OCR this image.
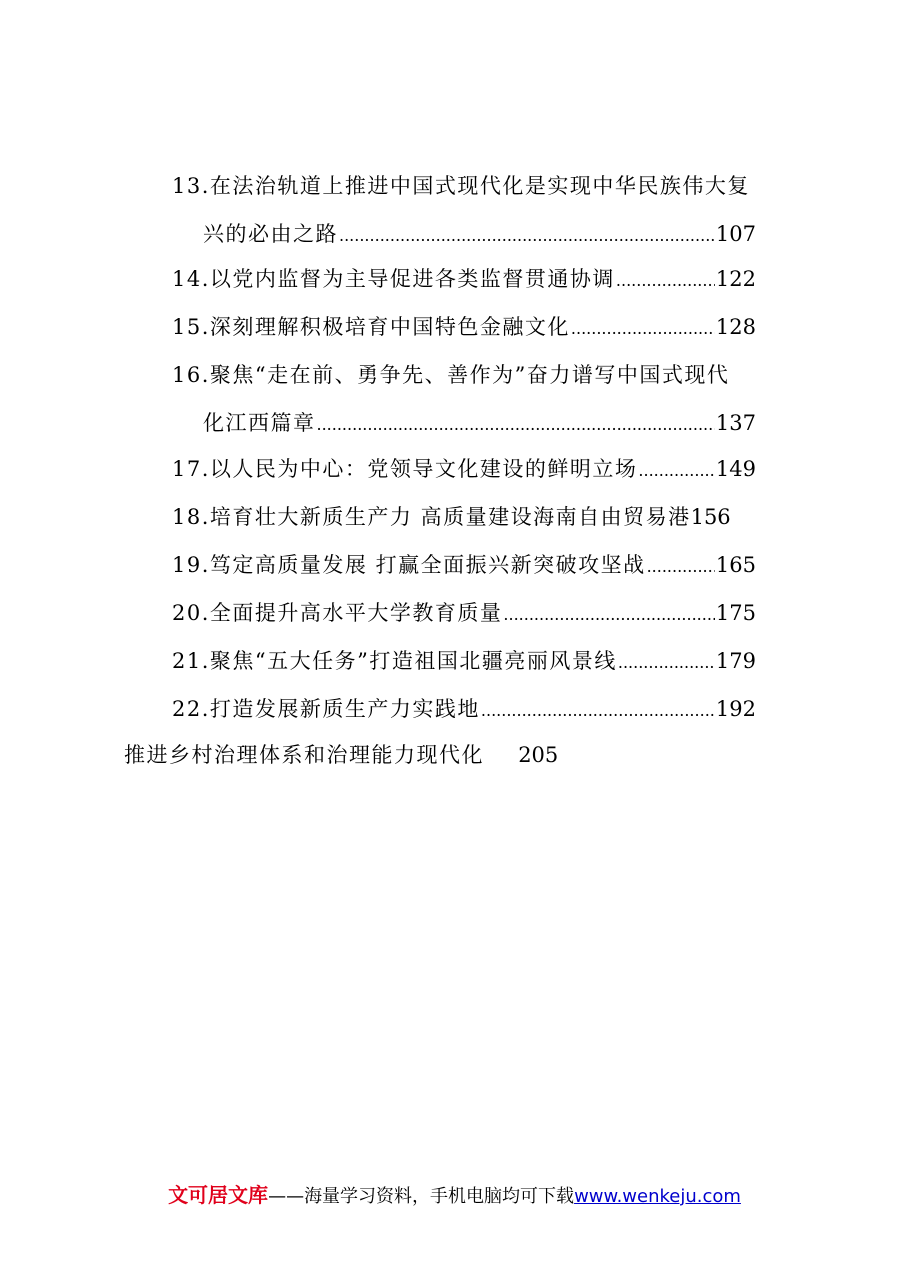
13.在法治轨道上推进中国式现代化是实现中华民族伟大复
兴的必由之路 .....	107
14.以党内监督为主导促进各类监督贯通协调 .....	122
15.深刻理解积极培育中国特色金融文化 .....	128
16.聚焦“走在前、勇争先、善作为”奋力谱写中国式现代
化江西篇章 .....	137
17.以人民为中心：党领导文化建设的鲜明立场 .....	149
18.培育壮大新质生产力 高质量建设海南自由贸易港 156
19.笃定高质量发展 打赢全面振兴新突破攻坚战 .....	165
20.全面提升高水平大学教育质量 .....	175
21.聚焦“五大任务”打造祖国北疆亮丽风景线 .....	179
22.打造发展新质生产力实践地 .....	192
推进乡村治理体系和治理能力现代化 205
文可居文库——海量学习资料，手机电脑均可下载www.wenkeju.com
